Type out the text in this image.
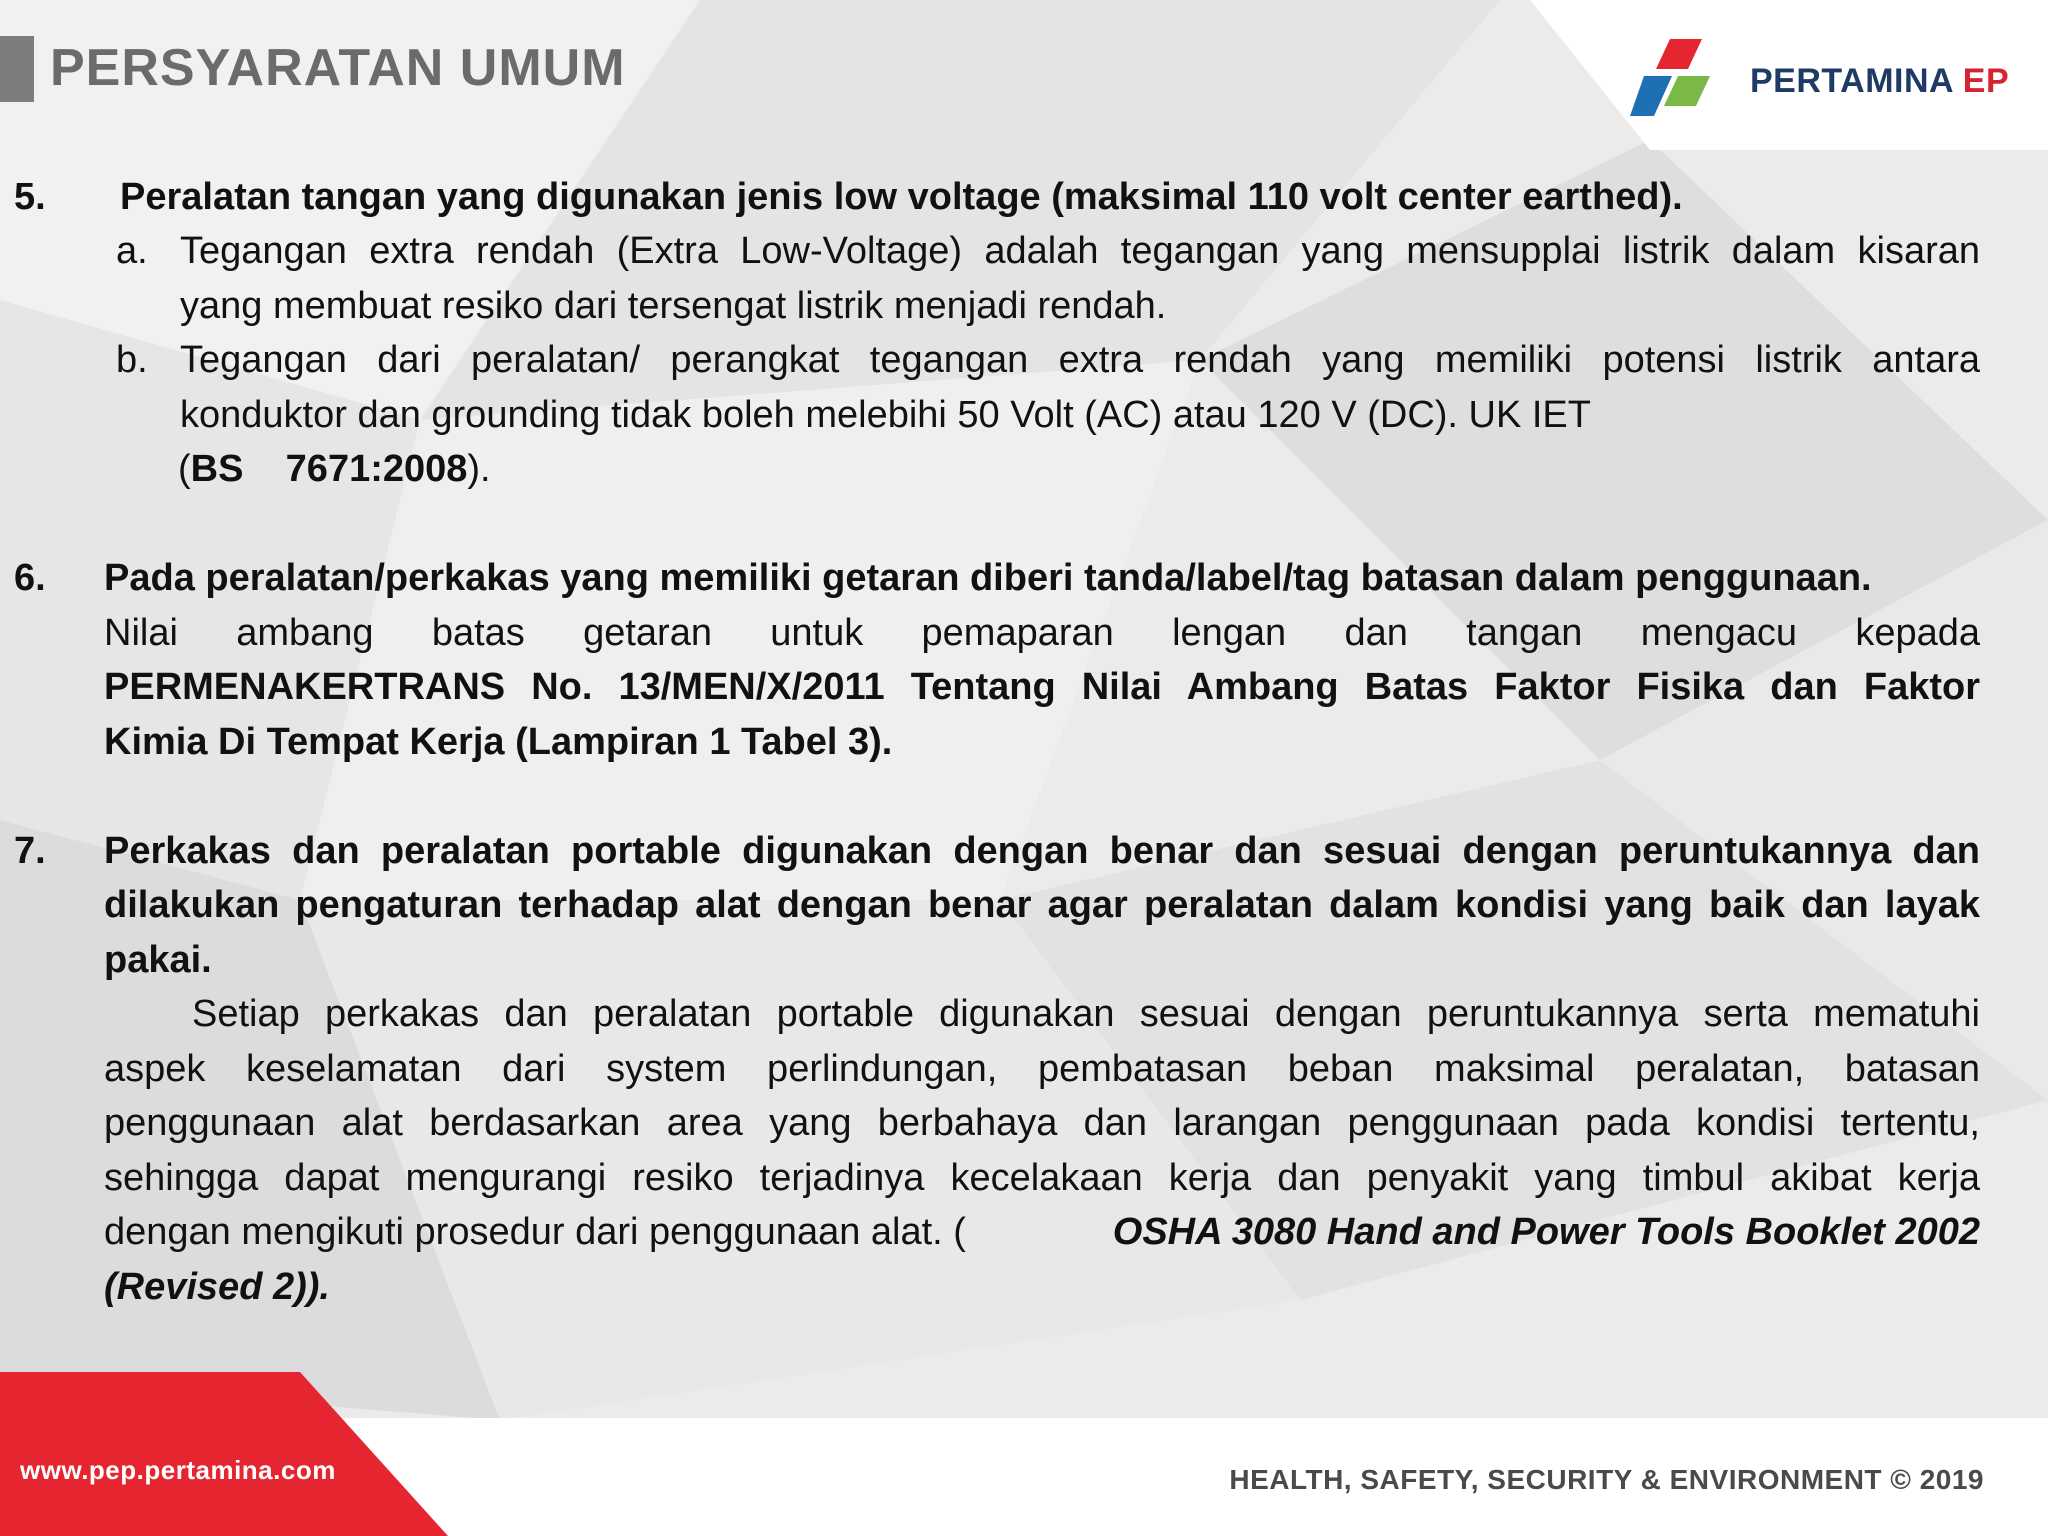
PERSYARATAN UMUM	PERTAMINA EP
5. Peralatan tangan yang digunakan jenis low voltage (maksimal 110 volt center earthed).
a. Tegangan extra rendah (Extra Low-Voltage) adalah tegangan yang mensupplai listrik dalam kisaran
yang membuat resiko dari tersengat listrik menjadi rendah.
b. Tegangan dari peralatan/ perangkat tegangan extra rendah yang memiliki potensi listrik antara
konduktor dan grounding tidak boleh melebihi 50 Volt (AC) atau 120 V (DC). UK IET
(BS    7671:2008).
6. Pada peralatan/perkakas yang memiliki getaran diberi tanda/label/tag batasan dalam penggunaan.
Nilai ambang batas getaran untuk pemaparan lengan dan tangan mengacu kepada
PERMENAKERTRANS No. 13/MEN/X/2011 Tentang Nilai Ambang Batas Faktor Fisika dan Faktor
Kimia Di Tempat Kerja (Lampiran 1 Tabel 3).
7. Perkakas dan peralatan portable digunakan dengan benar dan sesuai dengan peruntukannya dan
dilakukan pengaturan terhadap alat dengan benar agar peralatan dalam kondisi yang baik dan layak
pakai.
Setiap perkakas dan peralatan portable digunakan sesuai dengan peruntukannya serta mematuhi
aspek keselamatan dari system perlindungan, pembatasan beban maksimal peralatan, batasan
penggunaan alat berdasarkan area yang berbahaya dan larangan penggunaan pada kondisi tertentu,
sehingga dapat mengurangi resiko terjadinya kecelakaan kerja dan penyakit yang timbul akibat kerja
dengan mengikuti prosedur dari penggunaan alat. (	OSHA 3080 Hand and Power Tools Booklet 2002
(Revised 2)).
www.pep.pertamina.com	HEALTH, SAFETY, SECURITY & ENVIRONMENT © 2019
